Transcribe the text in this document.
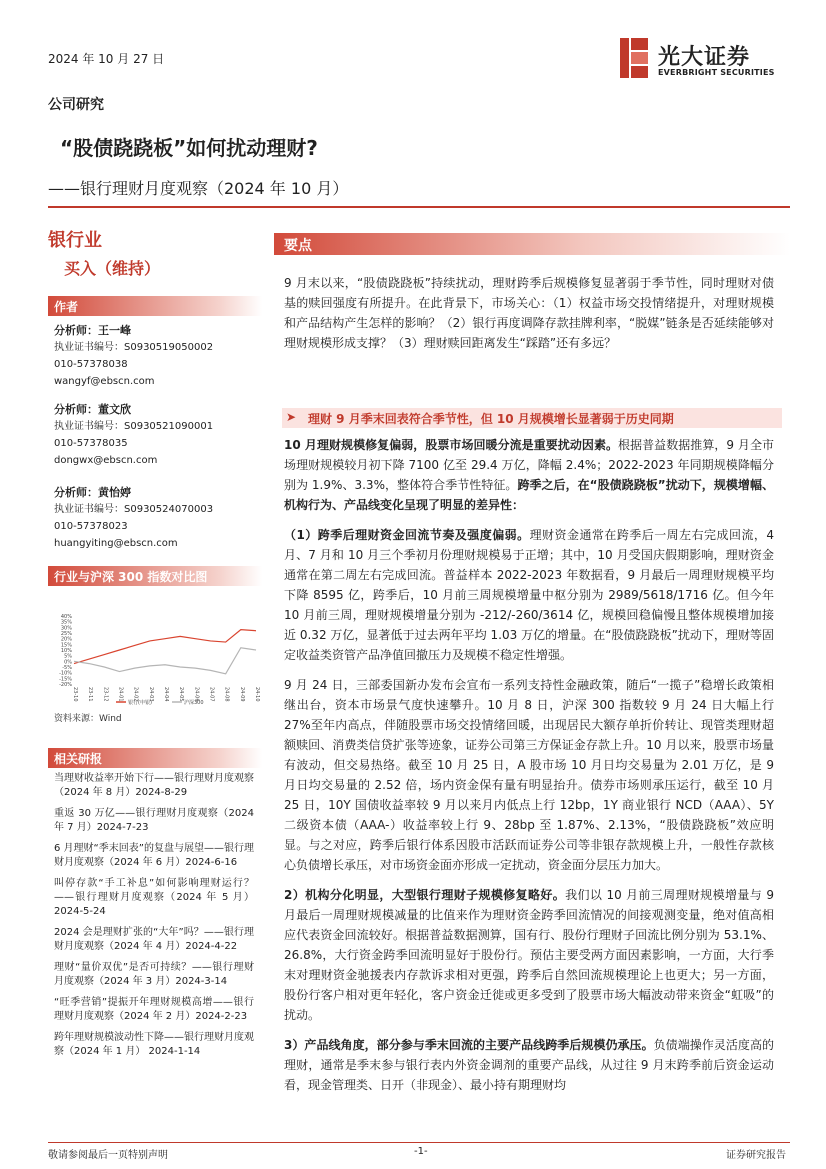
2024 年 10 月 27 日	光大证券
EVERBRIGHT SECURITIES
公司研究
“股债跷跷板”如何扰动理财?
——银行理财月度观察（2024 年 10 月）
银行业
买入（维持）
作者
分析师：王一峰
执业证书编号：S0930519050002
010-57378038
wangyf@ebscn.com
分析师：董文欣
执业证书编号：S0930521090001
010-57378035
dongwx@ebscn.com
分析师：黄怡婷
执业证书编号：S0930524070003
010-57378023
huangyiting@ebscn.com
行业与沪深 300 指数对比图
40%
35%
30%
25%
20%
15%
10%
5%
0%
-5%
-10%
-15%
-20%
23-10 23-11 23-12 24-01 24-02 24-03 24-04 24-05 24-06 24-07 24-08 24-09 24-10
银行(申银)	沪深300
资料来源：Wind
相关研报
当理财收益率开始下行——银行理财月度观察（2024 年 8 月）2024-8-29
重返 30 万亿——银行理财月度观察（2024 年 7 月）2024-7-23
6 月理财“季末回表”的复盘与展望——银行理财月度观察（2024 年 6 月）2024-6-16
叫停存款“手工补息”如何影响理财运行？——银行理财月度观察（2024 年 5 月）2024-5-24
2024 会是理财扩张的“大年”吗？——银行理财月度观察（2024 年 4 月）2024-4-22
理财“量价双优”是否可持续？——银行理财月度观察（2024 年 3 月）2024-3-14
“旺季营销”提振开年理财规模高增——银行理财月度观察（2024 年 2 月）2024-2-23
跨年理财规模波动性下降——银行理财月度观察（2024 年 1 月） 2024-1-14
要点

9 月末以来，“股债跷跷板”持续扰动，理财跨季后规模修复显著弱于季节性，同时理财对债基的赎回强度有所提升。在此背景下，市场关心：（1）权益市场交投情绪提升，对理财规模和产品结构产生怎样的影响？（2）银行再度调降存款挂牌利率，“脱媒”链条是否延续能够对理财规模形成支撑？（3）理财赎回距离发生“踩踏”还有多远？

➤ 理财 9 月季末回表符合季节性，但 10 月规模增长显著弱于历史同期

10 月理财规模修复偏弱，股票市场回暖分流是重要扰动因素。根据普益数据推算，9 月全市场理财规模较月初下降 7100 亿至 29.4 万亿，降幅 2.4%；2022-2023 年同期规模降幅分别为 1.9%、3.3%，整体符合季节性特征。跨季之后，在“股债跷跷板”扰动下，规模增幅、机构行为、产品线变化呈现了明显的差异性：

（1）跨季后理财资金回流节奏及强度偏弱。理财资金通常在跨季后一周左右完成回流，4 月、7 月和 10 月三个季初月份理财规模易于正增；其中，10 月受国庆假期影响，理财资金通常在第二周左右完成回流。普益样本 2022-2023 年数据看，9 月最后一周理财规模平均下降 8595 亿，跨季后，10 月前三周规模增量中枢分别为 2989/5618/1716 亿。但今年 10 月前三周，理财规模增量分别为 -212/-260/3614 亿，规模回稳偏慢且整体规模增加接近 0.32 万亿，显著低于过去两年平均 1.03 万亿的增量。在“股债跷跷板”扰动下，理财等固定收益类资管产品净值回撤压力及规模不稳定性增强。

9 月 24 日，三部委国新办发布会宣布一系列支持性金融政策，随后“一揽子”稳增长政策相继出台，资本市场景气度快速攀升。10 月 8 日，沪深 300 指数较 9 月 24 日大幅上行 27%至年内高点，伴随股票市场交投情绪回暖，出现居民大额存单折价转让、现管类理财超额赎回、消费类信贷扩张等迹象，证券公司第三方保证金存款上升。10 月以来，股票市场量有波动，但交易热络。截至 10 月 25 日，A 股市场 10 月日均交易量为 2.01 万亿，是 9 月日均交易量的 2.52 倍，场内资金保有量有明显抬升。债券市场则承压运行，截至 10 月 25 日，10Y 国债收益率较 9 月以来月内低点上行 12bp，1Y 商业银行 NCD（AAA）、5Y 二级资本债（AAA-）收益率较上行 9、28bp 至 1.87%、2.13%，“股债跷跷板”效应明显。与之对应，跨季后银行体系因股市活跃而证券公司等非银存款规模上升，一般性存款核心负债增长承压，对市场资金面亦形成一定扰动，资金面分层压力加大。

2）机构分化明显，大型银行理财子规模修复略好。我们以 10 月前三周理财规模增量与 9 月最后一周理财规模减量的比值来作为理财资金跨季回流情况的间接观测变量，绝对值高相应代表资金回流较好。根据普益数据测算，国有行、股份行理财子回流比例分别为 53.1%、26.8%，大行资金跨季回流明显好于股份行。预估主要受两方面因素影响，一方面，大行季末对理财资金驰援表内存款诉求相对更强，跨季后自然回流规模理论上也更大；另一方面，股份行客户相对更年轻化，客户资金迁徙或更多受到了股票市场大幅波动带来资金“虹吸”的扰动。

3）产品线角度，部分参与季末回流的主要产品线跨季后规模仍承压。负债端操作灵活度高的理财，通常是季末参与银行表内外资金调剂的重要产品线，从过往 9 月末跨季前后资金运动看，现金管理类、日开（非现金）、最小持有期理财均

敬请参阅最后一页特别声明	-1-	证券研究报告
